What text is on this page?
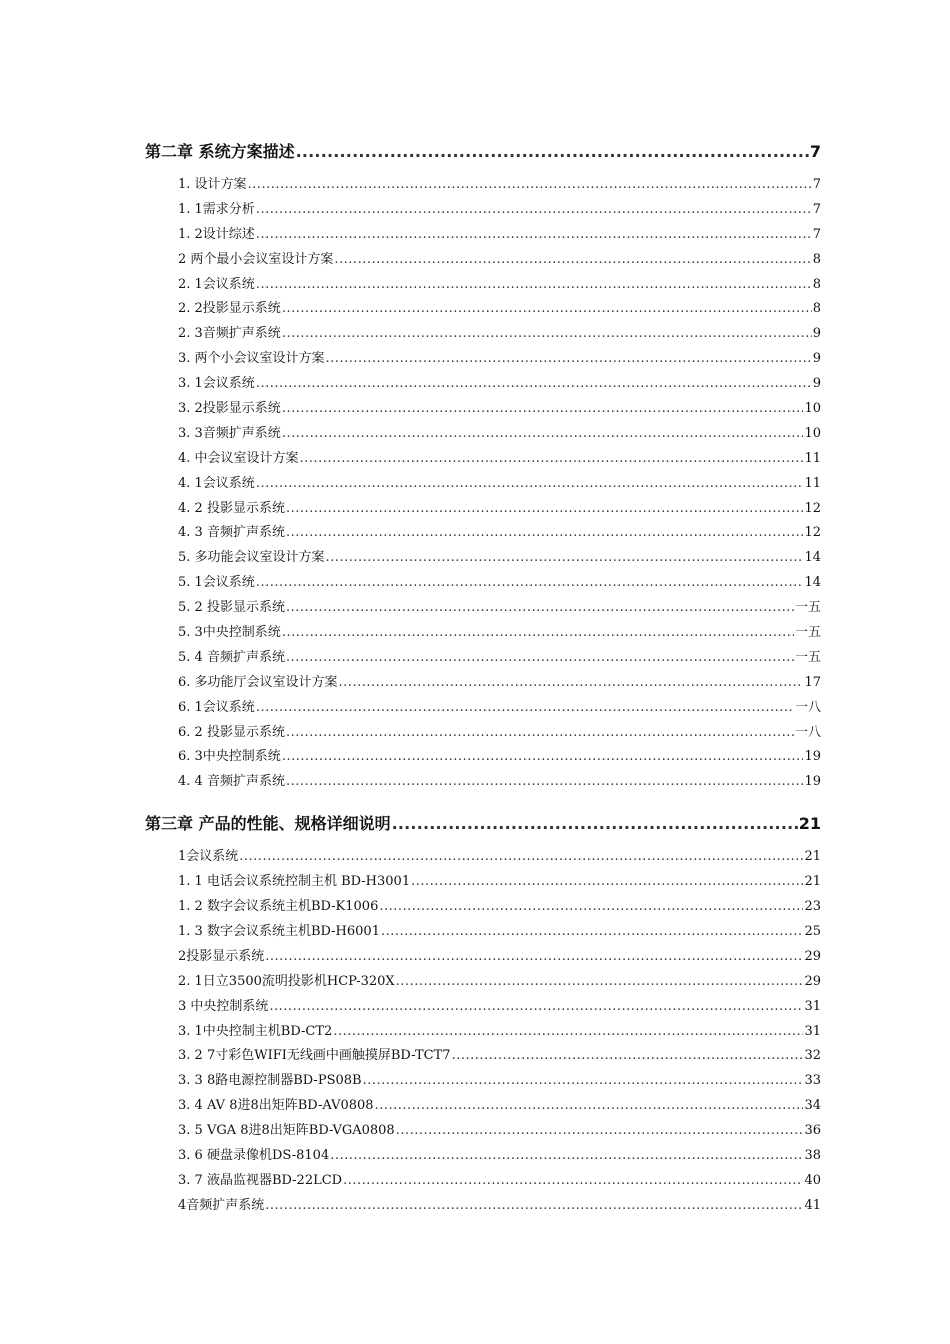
第二章 系统方案描述 .....	7
1. 设计方案 .....	7
1. 1需求分析 .....	7
1. 2设计综述 .....	7
2 两个最小会议室设计方案 .....	8
2. 1会议系统 .....	8
2. 2投影显示系统 .....	8
2. 3音频扩声系统 .....	9
3. 两个小会议室设计方案 .....	9
3. 1会议系统 .....	9
3. 2投影显示系统 .....	10
3. 3音频扩声系统 .....	10
4. 中会议室设计方案 .....	11
4. 1会议系统 .....	11
4. 2 投影显示系统 .....	12
4. 3 音频扩声系统 .....	12
5. 多功能会议室设计方案 .....	14
5. 1会议系统 .....	14
5. 2 投影显示系统 .....	一五
5. 3中央控制系统 .....	一五
5. 4 音频扩声系统 .....	一五
6. 多功能厅会议室设计方案 .....	17
6. 1会议系统 .....	一八
6. 2 投影显示系统 .....	一八
6. 3中央控制系统 .....	19
4. 4 音频扩声系统 .....	19
第三章 产品的性能、规格详细说明 .....	21
1会议系统 .....	21
1. 1 电话会议系统控制主机 BD-H3001 .....	21
1. 2 数字会议系统主机BD-K1006 .....	23
1. 3 数字会议系统主机BD-H6001 .....	25
2投影显示系统 .....	29
2. 1日立3500流明投影机HCP-320X .....	29
3 中央控制系统 .....	31
3. 1中央控制主机BD-CT2 .....	31
3. 2 7寸彩色WIFI无线画中画触摸屏BD-TCT7 .....	32
3. 3 8路电源控制器BD-PS08B .....	33
3. 4 AV 8进8出矩阵BD-AV0808 .....	34
3. 5 VGA 8进8出矩阵BD-VGA0808 .....	36
3. 6 硬盘录像机DS-8104 .....	38
3. 7 液晶监视器BD-22LCD .....	40
4音频扩声系统 .....	41
